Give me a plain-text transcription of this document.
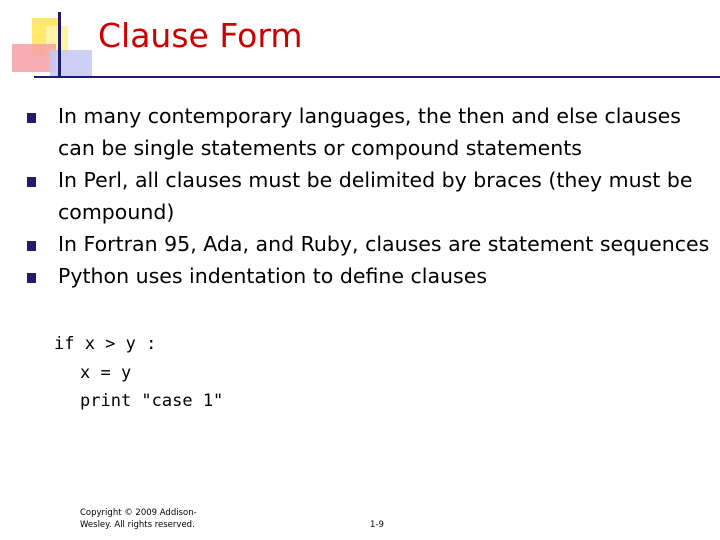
Clause Form
In many contemporary languages, the then and else clauses can be single statements or compound statements
In Perl, all clauses must be delimited by braces (they must be compound)
In Fortran 95, Ada, and Ruby, clauses are statement sequences
Python uses indentation to define clauses
if x > y :

x = y
print "case 1"
Copyright © 2009 Addison-Wesley. All rights reserved.	1-9
